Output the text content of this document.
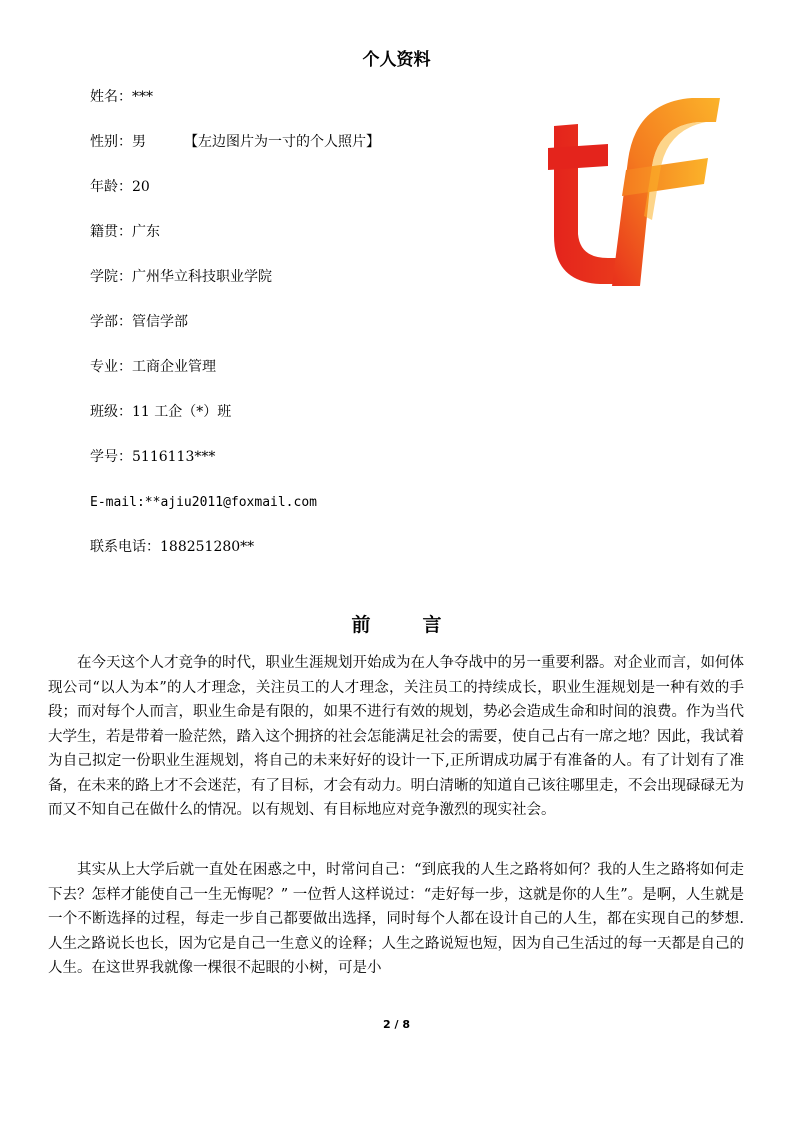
个人资料
姓名：***
性别：男	【左边图片为一寸的个人照片】
年龄：20
籍贯：广东
学院：广州华立科技职业学院
学部：管信学部
专业：工商企业管理
班级：11 工企（*）班
学号：5116113***
E-mail:**ajiu2011@foxmail.com
联系电话：188251280**
前	言

在今天这个人才竞争的时代，职业生涯规划开始成为在人争夺战中的另一重要利器。对企业而言，如何体现公司“以人为本”的人才理念，关注员工的人才理念，关注员工的持续成长，职业生涯规划是一种有效的手段；而对每个人而言，职业生命是有限的，如果不进行有效的规划，势必会造成生命和时间的浪费。作为当代大学生，若是带着一脸茫然，踏入这个拥挤的社会怎能满足社会的需要，使自己占有一席之地？因此，我试着为自己拟定一份职业生涯规划，将自己的未来好好的设计一下,正所谓成功属于有准备的人。有了计划有了准备，在未来的路上才不会迷茫，有了目标，才会有动力。明白清晰的知道自己该往哪里走，不会出现碌碌无为而又不知自己在做什么的情况。以有规划、有目标地应对竞争激烈的现实社会。

其实从上大学后就一直处在困惑之中，时常问自己：“到底我的人生之路将如何？我的人生之路将如何走下去？怎样才能使自己一生无悔呢？” 一位哲人这样说过：“走好每一步，这就是你的人生”。是啊，人生就是一个不断选择的过程，每走一步自己都要做出选择，同时每个人都在设计自己的人生，都在实现自己的梦想.人生之路说长也长，因为它是自己一生意义的诠释；人生之路说短也短，因为自己生活过的每一天都是自己的人生。在这世界我就像一棵很不起眼的小树，可是小

2 / 8
